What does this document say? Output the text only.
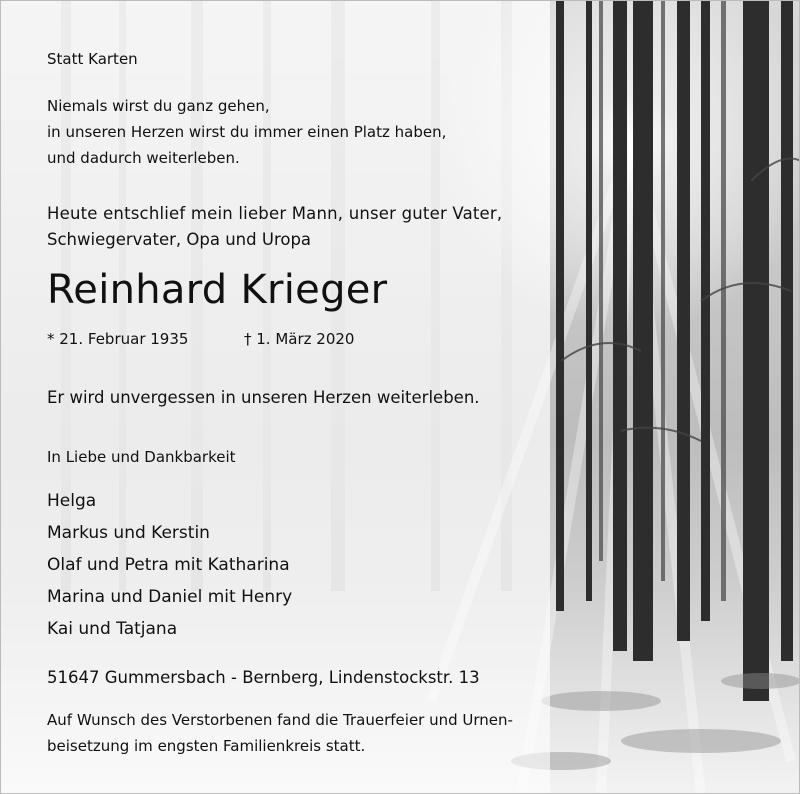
Statt Karten
Niemals wirst du ganz gehen,
in unseren Herzen wirst du immer einen Platz haben,
und dadurch weiterleben.
Heute entschlief mein lieber Mann, unser guter Vater,
Schwiegervater, Opa und Uropa
Reinhard Krieger
* 21. Februar 1935	† 1. März 2020
Er wird unvergessen in unseren Herzen weiterleben.
In Liebe und Dankbarkeit
Helga
Markus und Kerstin
Olaf und Petra mit Katharina
Marina und Daniel mit Henry
Kai und Tatjana
51647 Gummersbach - Bernberg, Lindenstockstr. 13
Auf Wunsch des Verstorbenen fand die Trauerfeier und Urnen-
beisetzung im engsten Familienkreis statt.
